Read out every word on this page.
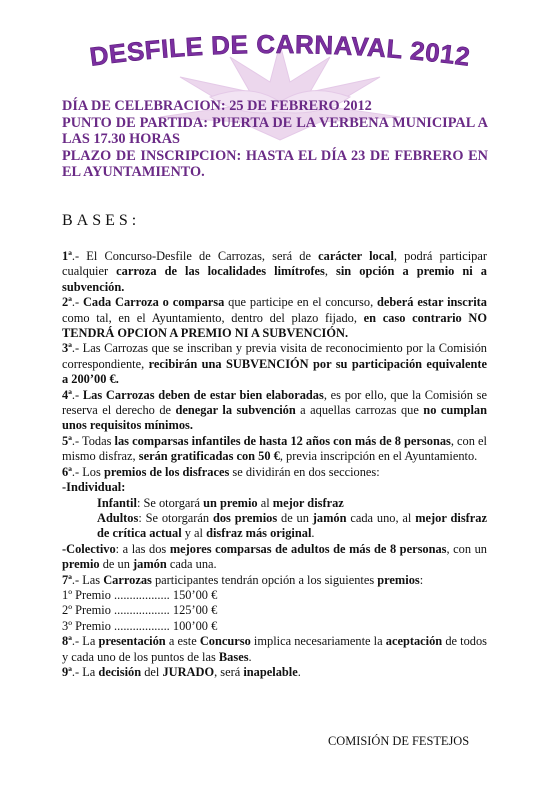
DESFILE DE CARNAVAL 2012
DÍA DE CELEBRACION: 25 DE FEBRERO 2012
PUNTO DE PARTIDA: PUERTA DE LA VERBENA MUNICIPAL A LAS 17.30 HORAS
PLAZO DE INSCRIPCION: HASTA EL DÍA 23 DE FEBRERO EN EL AYUNTAMIENTO.
BASES:

1ª.- El Concurso-Desfile de Carrozas, será de carácter local, podrá participar cualquier carroza de las localidades limítrofes, sin opción a premio ni a subvención.

2ª.- Cada Carroza o comparsa que participe en el concurso, deberá estar inscrita como tal, en el Ayuntamiento, dentro del plazo fijado, en caso contrario NO TENDRÁ OPCION A PREMIO NI A SUBVENCIÓN.

3ª.- Las Carrozas que se inscriban y previa visita de reconocimiento por la Comisión correspondiente, recibirán una SUBVENCIÓN por su participación equivalente a 200’00 €.

4ª.- Las Carrozas deben de estar bien elaboradas, es por ello, que la Comisión se reserva el derecho de denegar la subvención a aquellas carrozas que no cumplan unos requisitos mínimos.

5ª.- Todas las comparsas infantiles de hasta 12 años con más de 8 personas, con el mismo disfraz, serán gratificadas con 50 €, previa inscripción en el Ayuntamiento.

6ª.- Los premios de los disfraces se dividirán en dos secciones:

-Individual:

Infantil: Se otorgará un premio al mejor disfraz

Adultos: Se otorgarán dos premios de un jamón cada uno, al mejor disfraz de crítica actual y al disfraz más original.

-Colectivo: a las dos mejores comparsas de adultos de más de 8 personas, con un premio de un jamón cada una.

7ª.- Las Carrozas participantes tendrán opción a los siguientes premios:

1º Premio .................. 150’00 €

2º Premio .................. 125’00 €

3º Premio .................. 100’00 €

8ª.- La presentación a este Concurso implica necesariamente la aceptación de todos y cada uno de los puntos de las Bases.

9ª.- La decisión del JURADO, será inapelable.

COMISIÓN DE FESTEJOS
